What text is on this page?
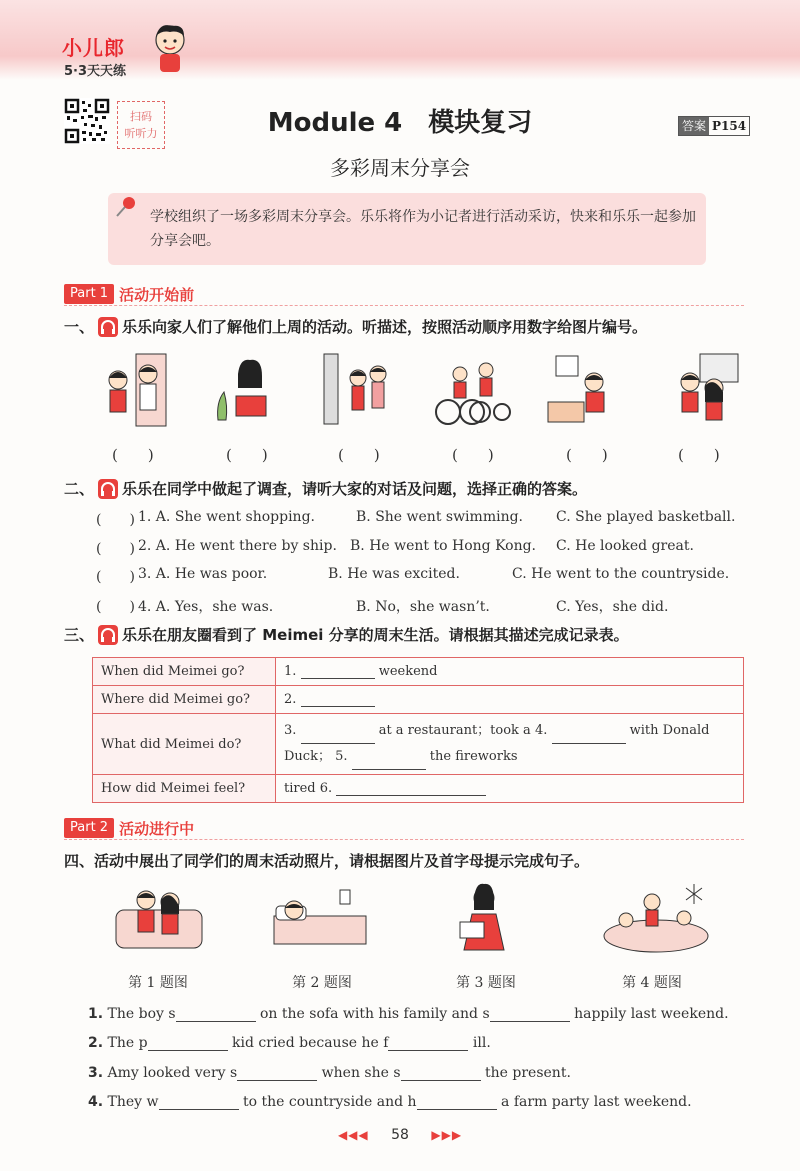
小儿郎
5·3天天练
扫码
听听力	Module 4　模块复习	答案 P154
多彩周末分享会
学校组织了一场多彩周末分享会。乐乐将作为小记者进行活动采访，快来和乐乐一起参加分享会吧。
Part 1 活动开始前
一、 乐乐向家人们了解他们上周的活动。听描述，按照活动顺序用数字给图片编号。
(　　)	(　　)	(　　)	(　　)	(　　)	(　　)
二、 乐乐在同学中做起了调查，请听大家的对话及问题，选择正确的答案。
(　　) 1. A. She went shopping.	B. She went swimming. C. She played basketball.
(　　) 2. A. He went there by ship. B. He went to Hong Kong. C. He looked great.
(　　) 3. A. He was poor.	B. He was excited.	C. He went to the countryside.
(　　) 4. A. Yes，she was.	B. No，she wasn’t.	C. Yes，she did.
三、 乐乐在朋友圈看到了 Meimei 分享的周末生活。请根据其描述完成记录表。
When did Meimei go?	1. weekend
Where did Meimei go?	2.
What did Meimei do?	3. at a restaurant；took a 4. with Donald
Duck； 5. the fireworks
How did Meimei feel?	tired 6.
Part 2 活动进行中
四、 活动中展出了同学们的周末活动照片，请根据图片及首字母提示完成句子。
第 1 题图	第 2 题图	第 3 题图	第 4 题图
1. The boy s	on the sofa with his family and s	happily last weekend.
2. The p	kid cried because he f	ill.
3. Amy looked very s	when she s	the present.
4. They w	to the countryside and h	a farm party last weekend.
◀◀◀ 58 ▶▶▶
